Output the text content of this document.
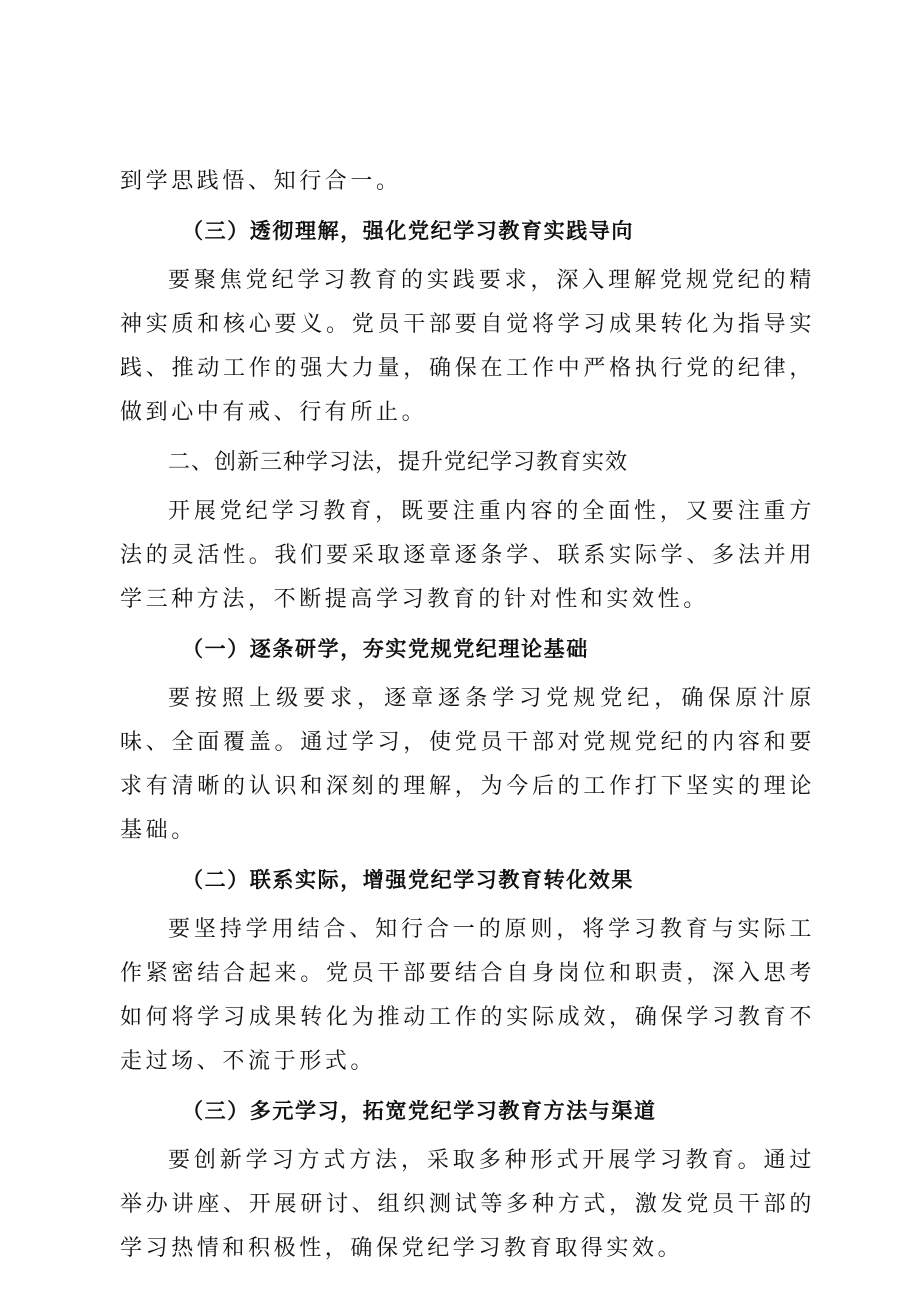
到学思践悟、知行合一。
（三）透彻理解，强化党纪学习教育实践导向

要聚焦党纪学习教育的实践要求，深入理解党规党纪的精神实质和核心要义。党员干部要自觉将学习成果转化为指导实践、推动工作的强大力量，确保在工作中严格执行党的纪律，做到心中有戒、行有所止。

二、创新三种学习法，提升党纪学习教育实效

开展党纪学习教育，既要注重内容的全面性，又要注重方法的灵活性。我们要采取逐章逐条学、联系实际学、多法并用学三种方法，不断提高学习教育的针对性和实效性。

（一）逐条研学，夯实党规党纪理论基础

要按照上级要求，逐章逐条学习党规党纪，确保原汁原味、全面覆盖。通过学习，使党员干部对党规党纪的内容和要求有清晰的认识和深刻的理解，为今后的工作打下坚实的理论基础。

（二）联系实际，增强党纪学习教育转化效果

要坚持学用结合、知行合一的原则，将学习教育与实际工作紧密结合起来。党员干部要结合自身岗位和职责，深入思考如何将学习成果转化为推动工作的实际成效，确保学习教育不走过场、不流于形式。

（三）多元学习，拓宽党纪学习教育方法与渠道

要创新学习方式方法，采取多种形式开展学习教育。通过举办讲座、开展研讨、组织测试等多种方式，激发党员干部的学习热情和积极性，确保党纪学习教育取得实效。
